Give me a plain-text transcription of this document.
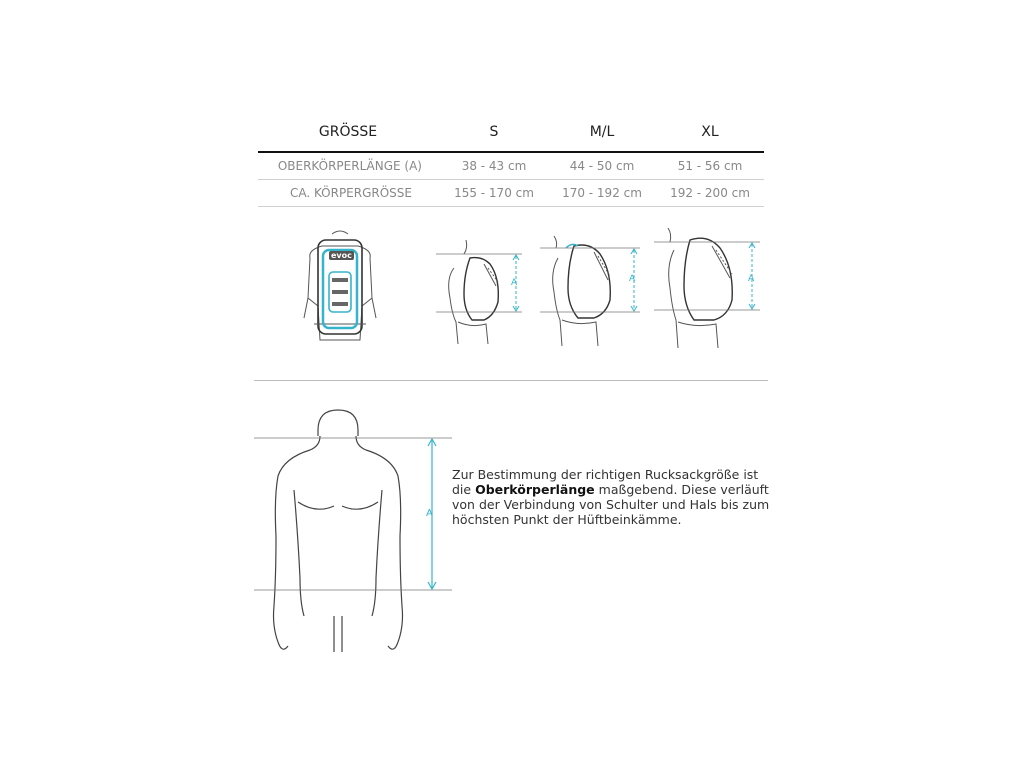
GRÖSSE	S	M/L	XL
OBERKÖRPERLÄNGE (A)	38 - 43 cm	44 - 50 cm	51 - 56 cm
CA. KÖRPERGRÖSSE	155 - 170 cm	170 - 192 cm	192 - 200 cm
evoc
A	A	A
A
Zur Bestimmung der richtigen Rucksackgröße ist die Oberkörperlänge maßgebend. Diese verläuft von der Verbindung von Schulter und Hals bis zum höchsten Punkt der Hüftbeinkämme.
